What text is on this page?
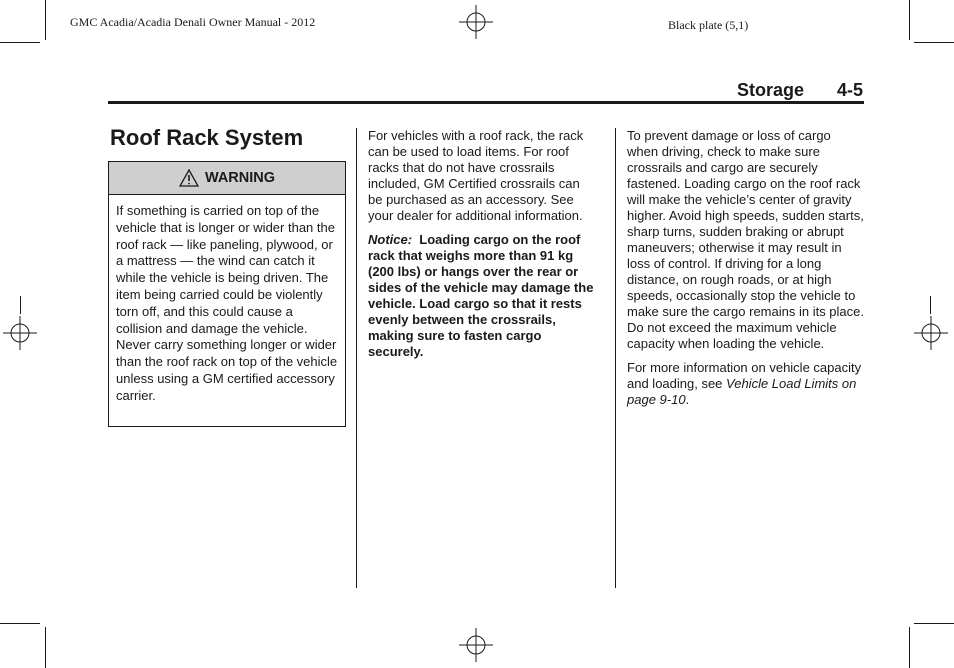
GMC Acadia/Acadia Denali Owner Manual - 2012	Black plate (5,1)
Storage 4-5
Roof Rack System
WARNING
If something is carried on top of the vehicle that is longer or wider than the roof rack — like paneling, plywood, or a mattress — the wind can catch it while the vehicle is being driven. The item being carried could be violently torn off, and this could cause a collision and damage the vehicle. Never carry something longer or wider than the roof rack on top of the vehicle unless using a GM certified accessory carrier.

For vehicles with a roof rack, the rack can be used to load items. For roof racks that do not have crossrails included, GM Certified crossrails can be purchased as an accessory. See your dealer for additional information.

Notice: Loading cargo on the roof rack that weighs more than 91 kg (200 lbs) or hangs over the rear or sides of the vehicle may damage the vehicle. Load cargo so that it rests evenly between the crossrails, making sure to fasten cargo securely.

To prevent damage or loss of cargo when driving, check to make sure crossrails and cargo are securely fastened. Loading cargo on the roof rack will make the vehicle’s center of gravity higher. Avoid high speeds, sudden starts, sharp turns, sudden braking or abrupt maneuvers; otherwise it may result in loss of control. If driving for a long distance, on rough roads, or at high speeds, occasionally stop the vehicle to make sure the cargo remains in its place. Do not exceed the maximum vehicle capacity when loading the vehicle.

For more information on vehicle capacity and loading, see Vehicle Load Limits on page 9-10.
